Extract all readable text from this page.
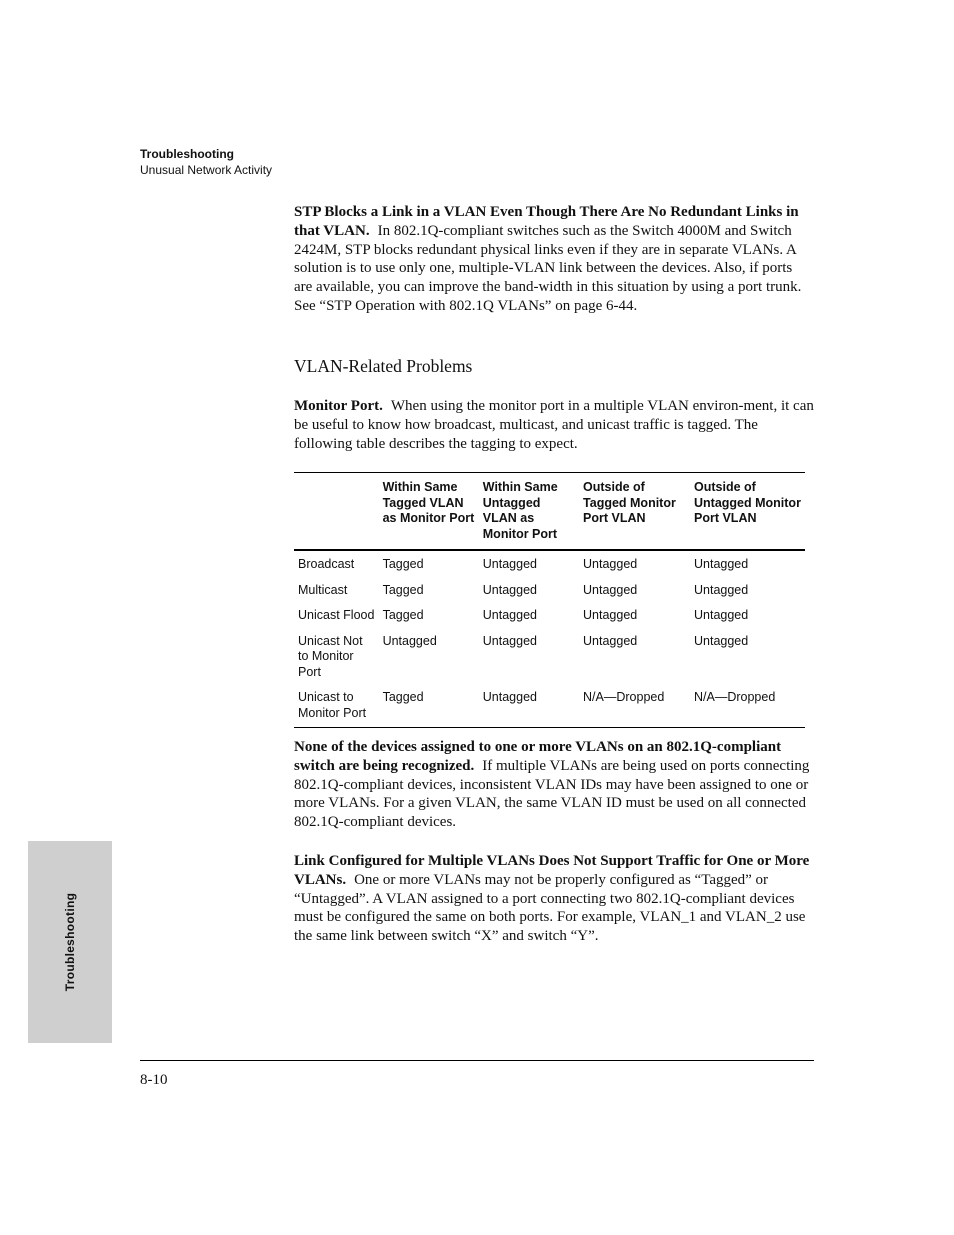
Troubleshooting
Unusual Network Activity
STP Blocks a Link in a VLAN Even Though There Are No Redundant Links in that VLAN. In 802.1Q-compliant switches such as the Switch 4000M and Switch 2424M, STP blocks redundant physical links even if they are in separate VLANs. A solution is to use only one, multiple-VLAN link between the devices. Also, if ports are available, you can improve the band-width in this situation by using a port trunk. See “STP Operation with 802.1Q VLANs” on page 6-44.
VLAN-Related Problems
Monitor Port. When using the monitor port in a multiple VLAN environ-ment, it can be useful to know how broadcast, multicast, and unicast traffic is tagged. The following table describes the tagging to expect.
	Within Same Tagged VLAN as Monitor Port	Within Same Untagged VLAN as Monitor Port	Outside of Tagged Monitor Port VLAN	Outside of Untagged Monitor Port VLAN
Broadcast	Tagged	Untagged	Untagged	Untagged
Multicast	Tagged	Untagged	Untagged	Untagged
Unicast Flood	Tagged	Untagged	Untagged	Untagged
Unicast Not to Monitor Port	Untagged	Untagged	Untagged	Untagged
Unicast to Monitor Port	Tagged	Untagged	N/A—Dropped	N/A—Dropped
None of the devices assigned to one or more VLANs on an 802.1Q-compliant switch are being recognized. If multiple VLANs are being used on ports connecting 802.1Q-compliant devices, inconsistent VLAN IDs may have been assigned to one or more VLANs. For a given VLAN, the same VLAN ID must be used on all connected 802.1Q-compliant devices.
Link Configured for Multiple VLANs Does Not Support Traffic for One or More VLANs. One or more VLANs may not be properly configured as “Tagged” or “Untagged”. A VLAN assigned to a port connecting two 802.1Q-compliant devices must be configured the same on both ports. For example, VLAN_1 and VLAN_2 use the same link between switch “X” and switch “Y”.
Troubleshooting
8-10
